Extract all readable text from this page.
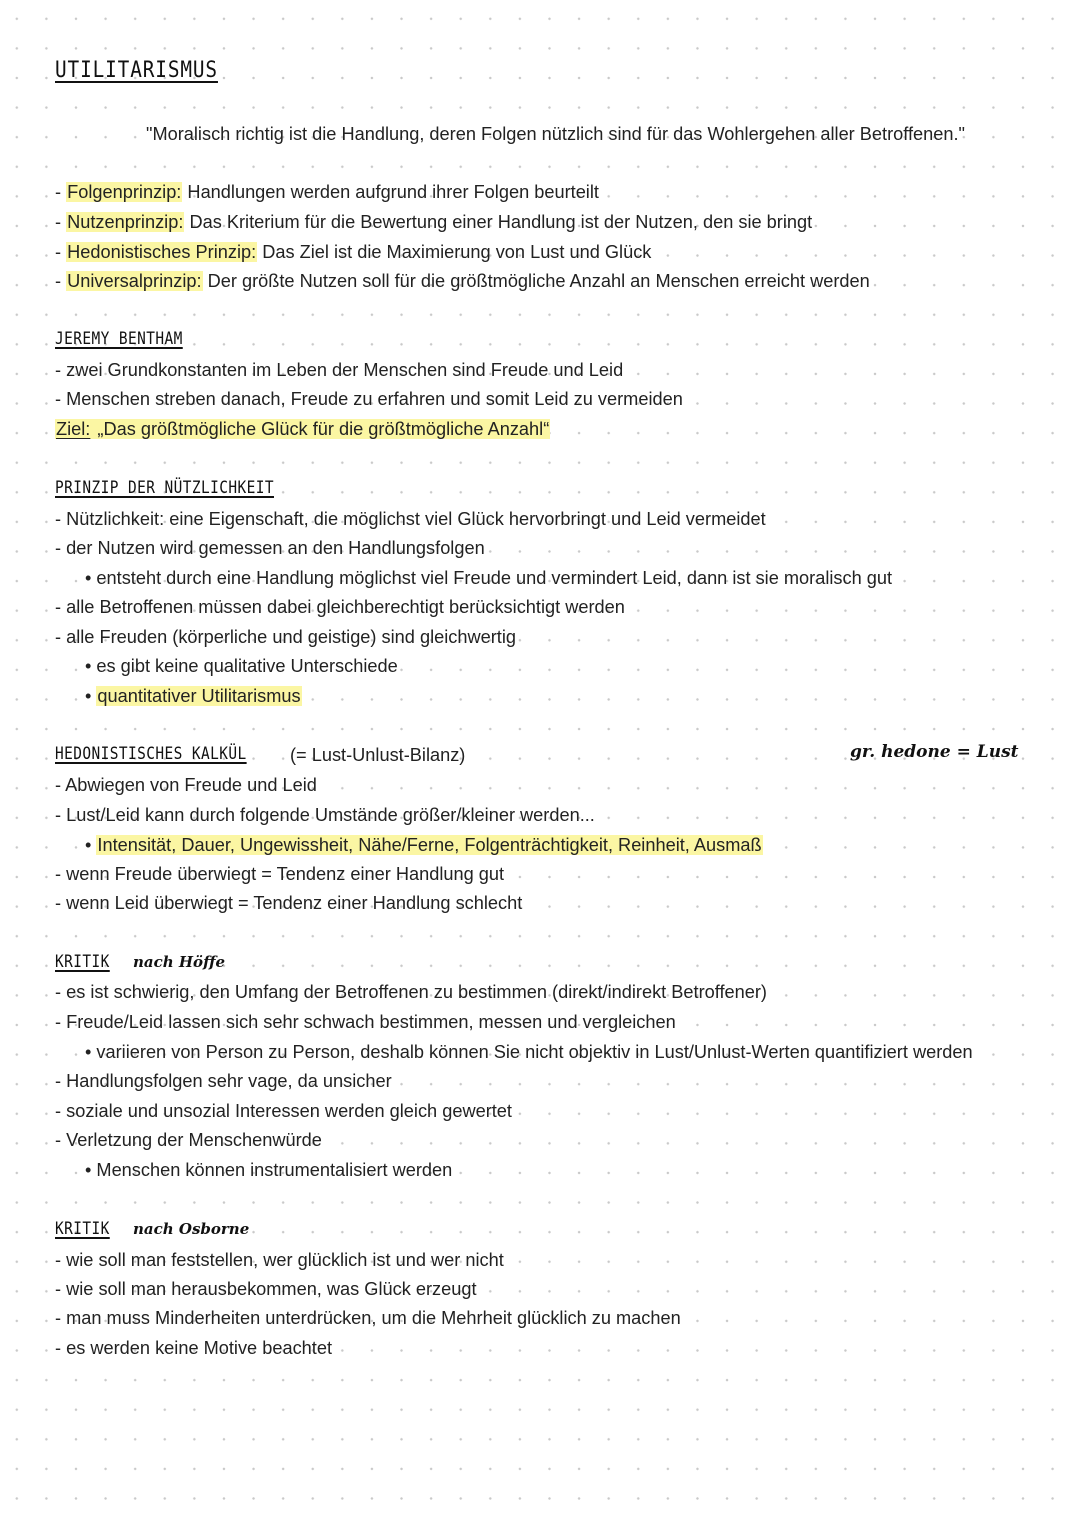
UTILITARISMUS
"Moralisch richtig ist die Handlung, deren Folgen nützlich sind für das Wohlergehen aller Betroffenen."
- Folgenprinzip: Handlungen werden aufgrund ihrer Folgen beurteilt
- Nutzenprinzip: Das Kriterium für die Bewertung einer Handlung ist der Nutzen, den sie bringt
- Hedonistisches Prinzip: Das Ziel ist die Maximierung von Lust und Glück
- Universalprinzip: Der größte Nutzen soll für die größtmögliche Anzahl an Menschen erreicht werden
JEREMY BENTHAM
- zwei Grundkonstanten im Leben der Menschen sind Freude und Leid
- Menschen streben danach, Freude zu erfahren und somit Leid zu vermeiden
Ziel: „Das größtmögliche Glück für die größtmögliche Anzahl“
PRINZIP DER NÜTZLICHKEIT
- Nützlichkeit: eine Eigenschaft, die möglichst viel Glück hervorbringt und Leid vermeidet
- der Nutzen wird gemessen an den Handlungsfolgen
• entsteht durch eine Handlung möglichst viel Freude und vermindert Leid, dann ist sie moralisch gut
- alle Betroffenen müssen dabei gleichberechtigt berücksichtigt werden
- alle Freuden (körperliche und geistige) sind gleichwertig
• es gibt keine qualitative Unterschiede
• quantitativer Utilitarismus
HEDONISTISCHES KALKÜL (= Lust-Unlust-Bilanz)	gr. hedone = Lust
- Abwiegen von Freude und Leid
- Lust/Leid kann durch folgende Umstände größer/kleiner werden...
• Intensität, Dauer, Ungewissheit, Nähe/Ferne, Folgenträchtigkeit, Reinheit, Ausmaß
- wenn Freude überwiegt = Tendenz einer Handlung gut
- wenn Leid überwiegt = Tendenz einer Handlung schlecht
KRITIK nach Höffe
- es ist schwierig, den Umfang der Betroffenen zu bestimmen (direkt/indirekt Betroffener)
- Freude/Leid lassen sich sehr schwach bestimmen, messen und vergleichen
• variieren von Person zu Person, deshalb können Sie nicht objektiv in Lust/Unlust-Werten quantifiziert werden
- Handlungsfolgen sehr vage, da unsicher
- soziale und unsozial Interessen werden gleich gewertet
- Verletzung der Menschenwürde
• Menschen können instrumentalisiert werden
KRITIK nach Osborne
- wie soll man feststellen, wer glücklich ist und wer nicht
- wie soll man herausbekommen, was Glück erzeugt
- man muss Minderheiten unterdrücken, um die Mehrheit glücklich zu machen
- es werden keine Motive beachtet
